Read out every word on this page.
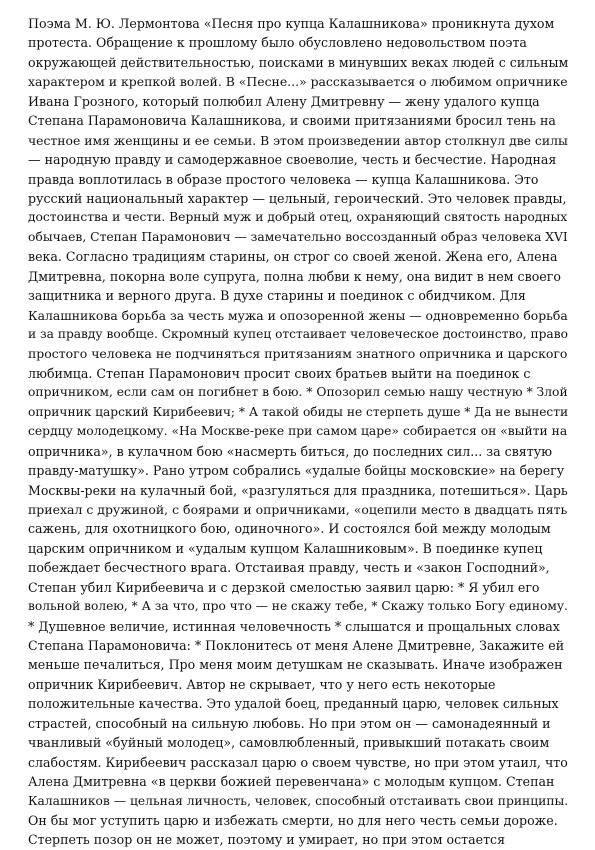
Поэма М. Ю. Лермонтова «Песня про купца Калашникова» проникнута духом
протеста. Обращение к прошлому было обусловлено недовольством поэта
окружающей действительностью, поисками в минувших веках людей с сильным
характером и крепкой волей. В «Песне...» рассказывается о любимом опричнике
Ивана Грозного, который полюбил Алену Дмитревну — жену удалого купца
Степана Парамоновича Калашникова, и своими притязаниями бросил тень на
честное имя женщины и ее семьи. В этом произведении автор столкнул две силы
— народную правду и самодержавное своеволие, честь и бесчестие. Народная
правда воплотилась в образе простого человека — купца Калашникова. Это
русский национальный характер — цельный, героический. Это человек правды,
достоинства и чести. Верный муж и добрый отец, охраняющий святость народных
обычаев, Степан Парамонович — замечательно воссозданный образ человека XVI
века. Согласно традициям старины, он строг со своей женой. Жена его, Алена
Дмитревна, покорна воле супруга, полна любви к нему, она видит в нем своего
защитника и верного друга. В духе старины и поединок с обидчиком. Для
Калашникова борьба за честь мужа и опозоренной жены — одновременно борьба
и за правду вообще. Скромный купец отстаивает человеческое достоинство, право
простого человека не подчиняться притязаниям знатного опричника и царского
любимца. Степан Парамонович просит своих братьев выйти на поединок с
опричником, если сам он погибнет в бою. * Опозорил семью нашу честную * Злой
опричник царский Кирибеевич; * А такой обиды не стерпеть душе * Да не вынести
сердцу молодецкому. «На Москве-реке при самом царе» собирается он «выйти на
опричника», в кулачном бою «насмерть биться, до последних сил... за святую
правду-матушку». Рано утром собрались «удалые бойцы московские» на берегу
Москвы-реки на кулачный бой, «разгуляться для праздника, потешиться». Царь
приехал с дружиной, с боярами и опричниками, «оцепили место в двадцать пять
сажень, для охотницкого бою, одиночного». И состоялся бой между молодым
царским опричником и «удалым купцом Калашниковым». В поединке купец
побеждает бесчестного врага. Отстаивая правду, честь и «закон Господний»,
Степан убил Кирибеевича и с дерзкой смелостью заявил царю: * Я убил его
вольной волею, * А за что, про что — не скажу тебе, * Скажу только Богу единому.
* Душевное величие, истинная человечность * слышатся и прощальных словах
Степана Парамоновича: * Поклонитесь от меня Алене Дмитревне, Закажите ей
меньше печалиться, Про меня моим детушкам не сказывать. Иначе изображен
опричник Кирибеевич. Автор не скрывает, что у него есть некоторые
положительные качества. Это удалой боец, преданный царю, человек сильных
страстей, способный на сильную любовь. Но при этом он — самонадеянный и
чванливый «буйный молодец», самовлюбленный, привыкший потакать своим
слабостям. Кирибеевич рассказал царю о своем чувстве, но при этом утаил, что
Алена Дмитревна «в церкви божией перевенчана» с молодым купцом. Степан
Калашников — цельная личность, человек, способный отстаивать свои принципы.
Он бы мог уступить царю и избежать смерти, но для него честь семьи дороже.
Стерпеть позор он не может, поэтому и умирает, но при этом остается
